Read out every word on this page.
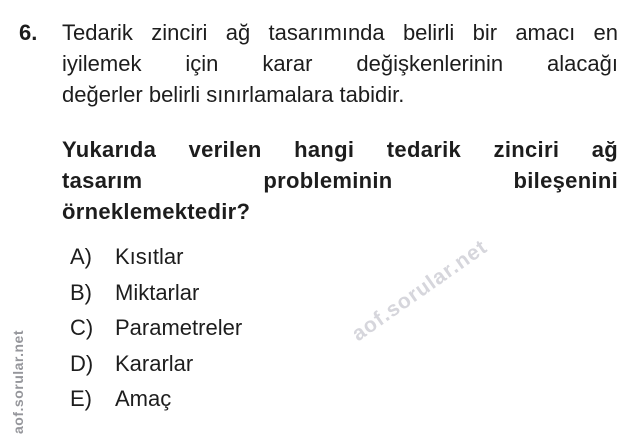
aof.sorular.net
aof.sorular.net
6.	Tedarik zinciri ağ tasarımında belirli bir amacı en
iyilemek için karar değişkenlerinin alacağı
değerler belirli sınırlamalara tabidir.
Yukarıda verilen hangi tedarik zinciri ağ
tasarım probleminin bileşenini
örneklemektedir?
A)	Kısıtlar
B)	Miktarlar
C) Parametreler
D) Kararlar
E)	Amaç
